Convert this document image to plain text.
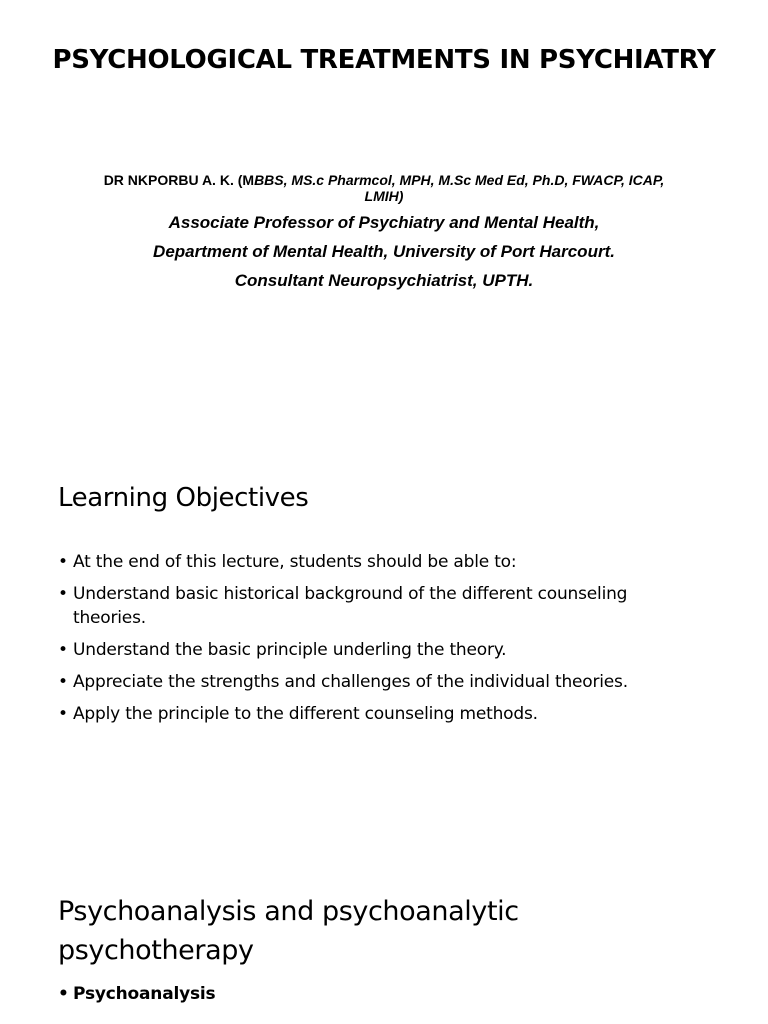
PSYCHOLOGICAL TREATMENTS IN PSYCHIATRY

DR NKPORBU A. K. (MBBS, MS.c Pharmcol, MPH, M.Sc Med Ed, Ph.D, FWACP, ICAP, LMIH)

Associate Professor of Psychiatry and Mental Health,

Department of Mental Health, University of Port Harcourt.

Consultant Neuropsychiatrist, UPTH.

Learning Objectives
• At the end of this lecture, students should be able to:
• Understand basic historical background of the different counseling theories.
• Understand the basic principle underling the theory.
• Appreciate the strengths and challenges of the individual theories.
• Apply the principle to the different counseling methods.
Psychoanalysis and psychoanalytic psychotherapy
• Psychoanalysis
